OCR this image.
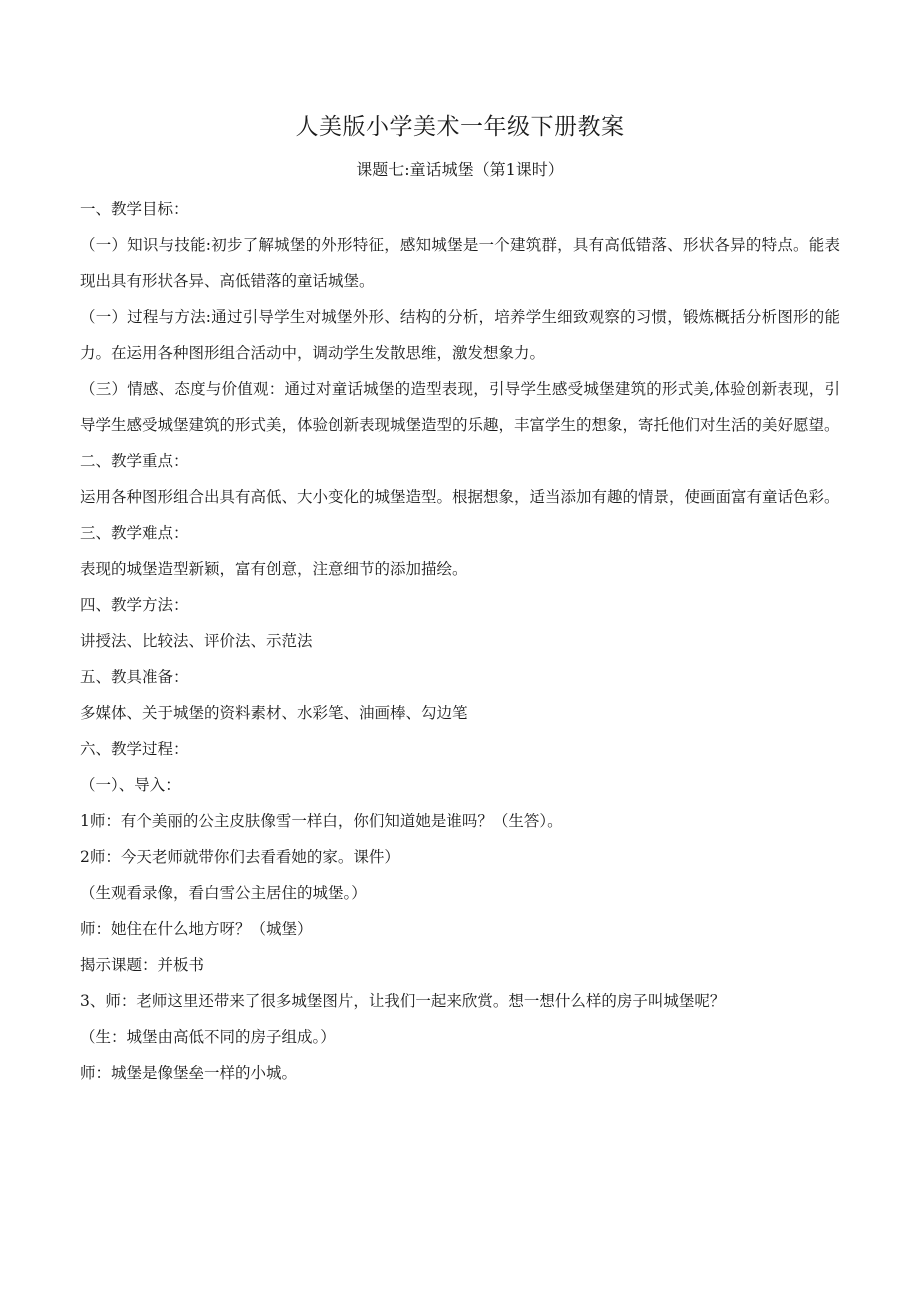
人美版小学美术一年级下册教案
课题七:童话城堡（第1课时）

一、教学目标：

（一）知识与技能:初步了解城堡的外形特征，感知城堡是一个建筑群，具有高低错落、形状各异的特点。能表现出具有形状各异、高低错落的童话城堡。

（一）过程与方法:通过引导学生对城堡外形、结构的分析，培养学生细致观察的习惯，锻炼概括分析图形的能力。在运用各种图形组合活动中，调动学生发散思维，激发想象力。

（三）情感、态度与价值观：通过对童话城堡的造型表现，引导学生感受城堡建筑的形式美,体验创新表现，引导学生感受城堡建筑的形式美，体验创新表现城堡造型的乐趣，丰富学生的想象，寄托他们对生活的美好愿望。

二、教学重点：

运用各种图形组合出具有高低、大小变化的城堡造型。根据想象，适当添加有趣的情景，使画面富有童话色彩。

三、教学难点：

表现的城堡造型新颖，富有创意，注意细节的添加描绘。

四、教学方法：

讲授法、比较法、评价法、示范法

五、教具准备：

多媒体、关于城堡的资料素材、水彩笔、油画棒、勾边笔

六、教学过程：

（一）、导入：

1师：有个美丽的公主皮肤像雪一样白，你们知道她是谁吗？（生答）。

2师：今天老师就带你们去看看她的家。课件）

（生观看录像，看白雪公主居住的城堡。）

师：她住在什么地方呀？（城堡）

揭示课题：并板书

3、师：老师这里还带来了很多城堡图片，让我们一起来欣赏。想一想什么样的房子叫城堡呢？

（生：城堡由高低不同的房子组成。）

师：城堡是像堡垒一样的小城。
